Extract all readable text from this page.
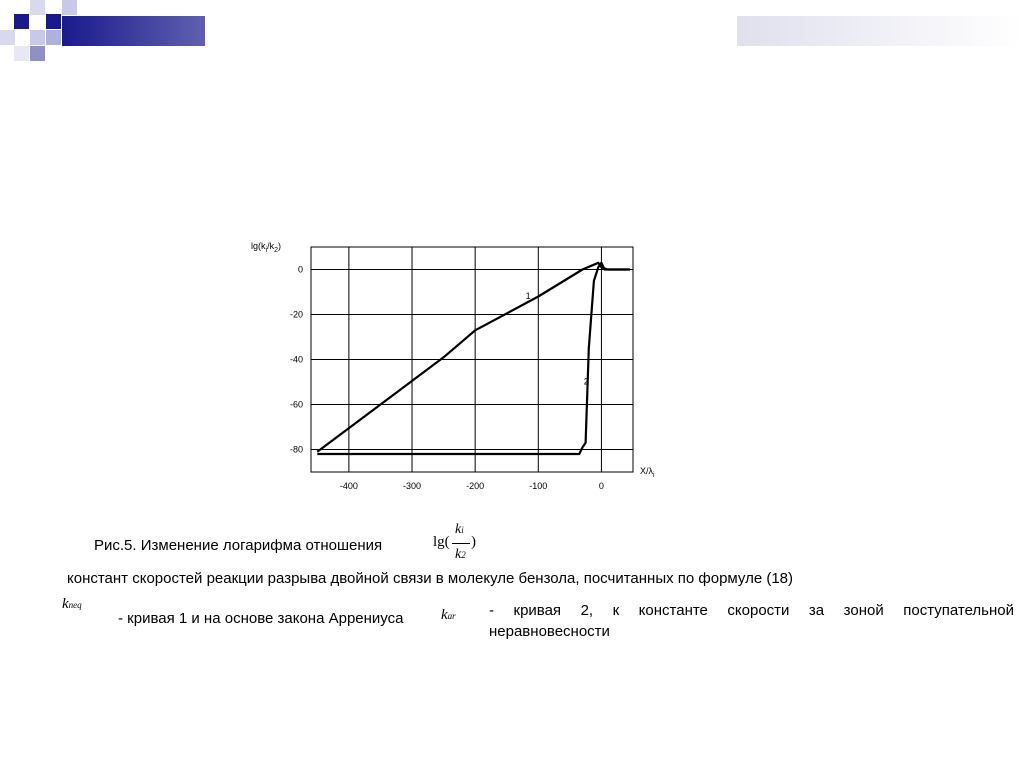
-400	-300	-200	-100	0
0
-20
-40
-60
-80
1
2
$\lg(k_i/k_2)$
$X/\lambda_i$
Рис.5. Изменение логарифма отношения	lg(
ki
k2
)
констант скоростей реакции разрыва двойной связи в молекуле бензола, посчитанных по формуле (18)
kneq
- кривая 1 и на основе закона Аррениуса	kar - кривая 2, к константе скорости за зоной поступательной
неравновесности
